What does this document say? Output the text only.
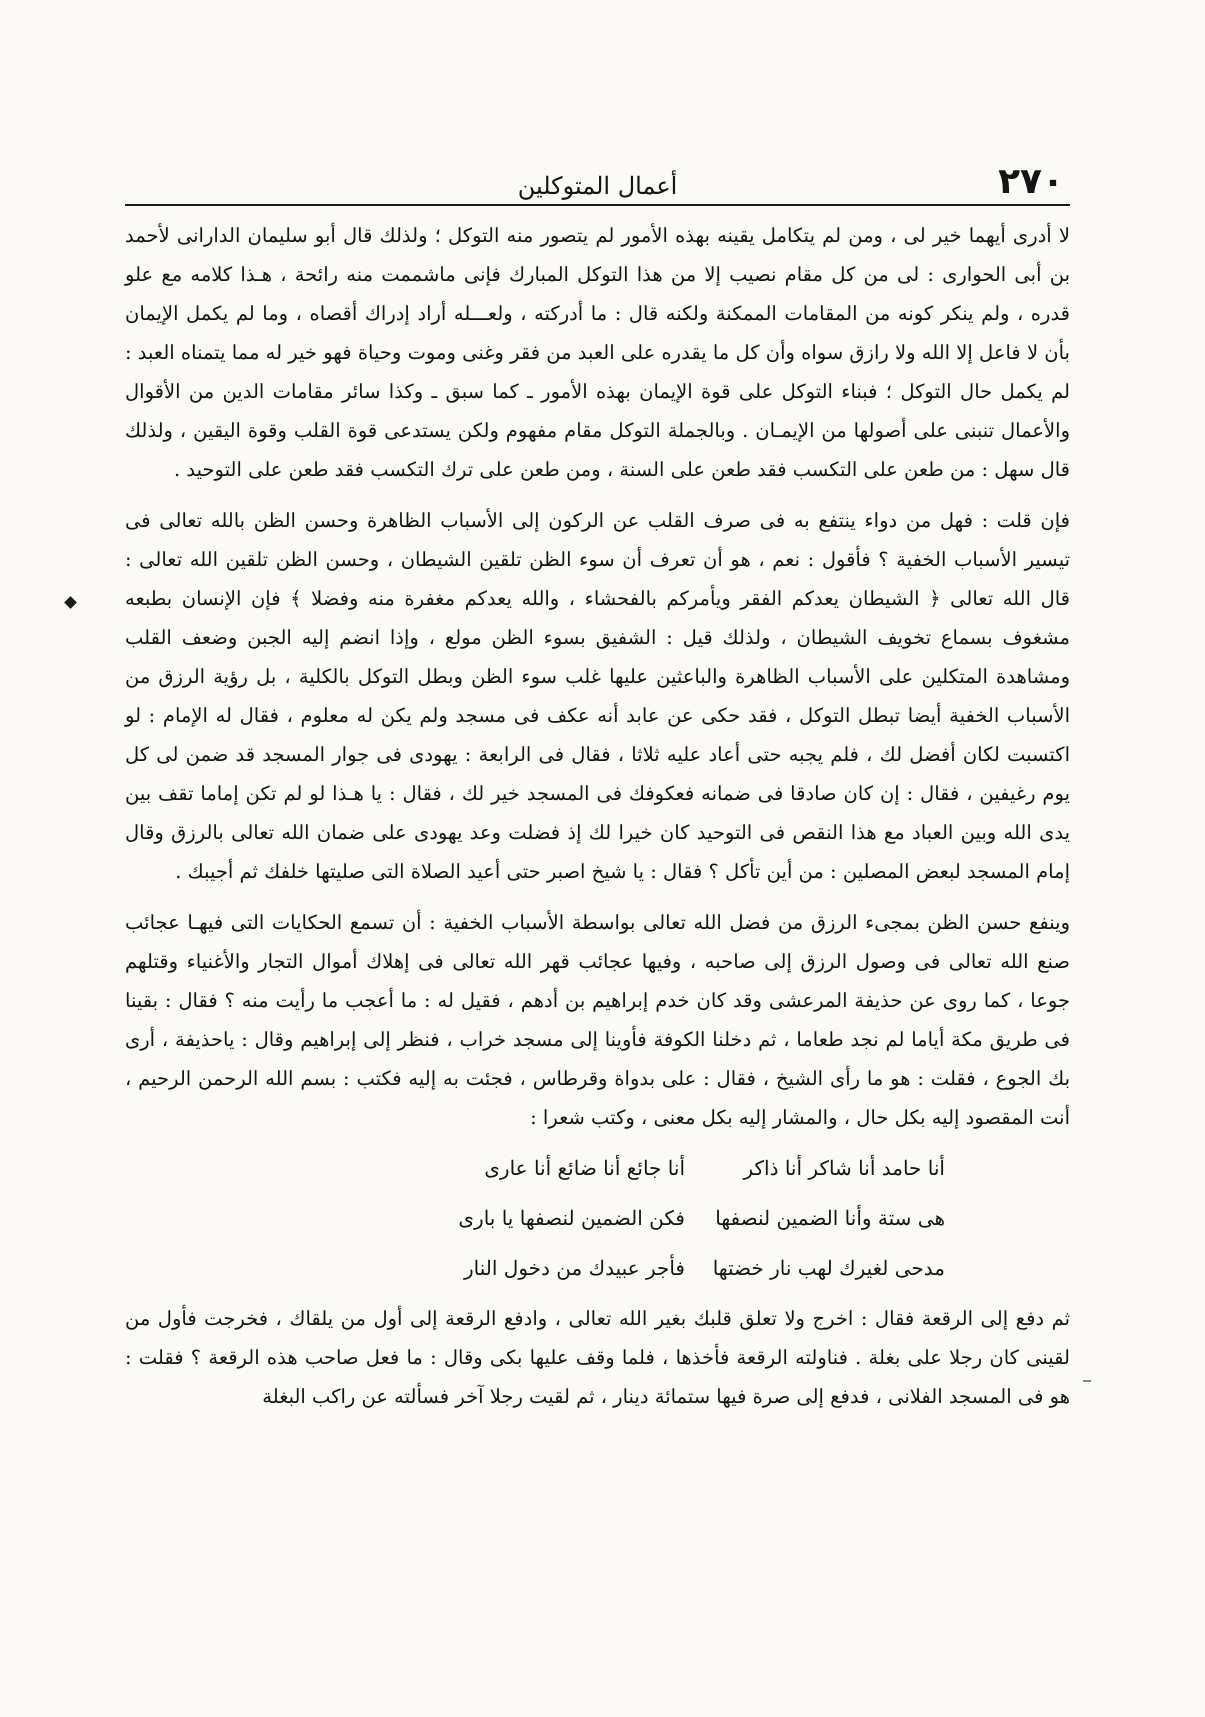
٢٧٠
أعمال المتوكلين

لا أدرى أيهما خير لى ، ومن لم يتكامل يقينه بهذه الأمور لم يتصور منه التوكل ؛ ولذلك قال أبو سليمان الدارانى لأحمد بن أبى الحوارى : لى من كل مقام نصيب إلا من هذا التوكل المبارك فإنى ماشممت منه رائحة ، هـذا كلامه مع علو قدره ، ولم ينكر كونه من المقامات الممكنة ولكنه قال : ما أدركته ، ولعـــله أراد إدراك أقصاه ، وما لم يكمل الإيمان بأن لا فاعل إلا الله ولا رازق سواه وأن كل ما يقدره على العبد من فقر وغنى وموت وحياة فهو خير له مما يتمناه العبد : لم يكمل حال التوكل ؛ فبناء التوكل على قوة الإيمان بهذه الأمور ـ كما سبق ـ وكذا سائر مقامات الدين من الأقوال والأعمال تنبنى على أصولها من الإيمـان . وبالجملة التوكل مقام مفهوم ولكن يستدعى قوة القلب وقوة اليقين ، ولذلك قال سهل : من طعن على التكسب فقد طعن على السنة ، ومن طعن على ترك التكسب فقد طعن على التوحيد .

فإن قلت : فهل من دواء ينتفع به فى صرف القلب عن الركون إلى الأسباب الظاهرة وحسن الظن بالله تعالى فى تيسير الأسباب الخفية ؟ فأقول : نعم ، هو أن تعرف أن سوء الظن تلقين الشيطان ، وحسن الظن تلقين الله تعالى : قال الله تعالى ﴿ الشيطان يعدكم الفقر ويأمركم بالفحشاء ، والله يعدكم مغفرة منه وفضلا ﴾ فإن الإنسان بطبعه مشغوف بسماع تخويف الشيطان ، ولذلك قيل : الشفيق بسوء الظن مولع ، وإذا انضم إليه الجبن وضعف القلب ومشاهدة المتكلين على الأسباب الظاهرة والباعثين عليها غلب سوء الظن وبطل التوكل بالكلية ، بل رؤية الرزق من الأسباب الخفية أيضا تبطل التوكل ، فقد حكى عن عابد أنه عكف فى مسجد ولم يكن له معلوم ، فقال له الإمام : لو اكتسبت لكان أفضل لك ، فلم يجبه حتى أعاد عليه ثلاثا ، فقال فى الرابعة : يهودى فى جوار المسجد قد ضمن لى كل يوم رغيفين ، فقال : إن كان صادقا فى ضمانه فعكوفك فى المسجد خير لك ، فقال : يا هـذا لو لم تكن إماما تقف بين يدى الله وبين العباد مع هذا النقص فى التوحيد كان خيرا لك إذ فضلت وعد يهودى على ضمان الله تعالى بالرزق وقال إمام المسجد لبعض المصلين : من أين تأكل ؟ فقال : يا شيخ اصبر حتى أعيد الصلاة التى صليتها خلفك ثم أجيبك .

وينفع حسن الظن بمجىء الرزق من فضل الله تعالى بواسطة الأسباب الخفية : أن تسمع الحكايات التى فيهـا عجائب صنع الله تعالى فى وصول الرزق إلى صاحبه ، وفيها عجائب قهر الله تعالى فى إهلاك أموال التجار والأغنياء وقتلهم جوعا ، كما روى عن حذيفة المرعشى وقد كان خدم إبراهيم بن أدهم ، فقيل له : ما أعجب ما رأيت منه ؟ فقال : بقينا فى طريق مكة أياما لم نجد طعاما ، ثم دخلنا الكوفة فأوينا إلى مسجد خراب ، فنظر إلى إبراهيم وقال : ياحذيفة ، أرى بك الجوع ، فقلت : هو ما رأى الشيخ ، فقال : على بدواة وقرطاس ، فجئت به إليه فكتب : بسم الله الرحمن الرحيم ، أنت المقصود إليه بكل حال ، والمشار إليه بكل معنى ، وكتب شعرا :

أنا حامد أنا شاكر أنا ذاكر
أنا جائع أنا ضائع أنا عارى
هى ستة وأنا الضمين لنصفها
فكن الضمين لنصفها يا بارى
مدحى لغيرك لهب نار خضتها
فأجر عبيدك من دخول النار

ثم دفع إلى الرقعة فقال : اخرج ولا تعلق قلبك بغير الله تعالى ، وادفع الرقعة إلى أول من يلقاك ، فخرجت فأول من لقينى كان رجلا على بغلة . فناولته الرقعة فأخذها ، فلما وقف عليها بكى وقال : ما فعل صاحب هذه الرقعة ؟ فقلت : هو فى المسجد الفلانى ، فدفع إلى صرة فيها ستمائة دينار ، ثم لقيت رجلا آخر فسألته عن راكب البغلة
